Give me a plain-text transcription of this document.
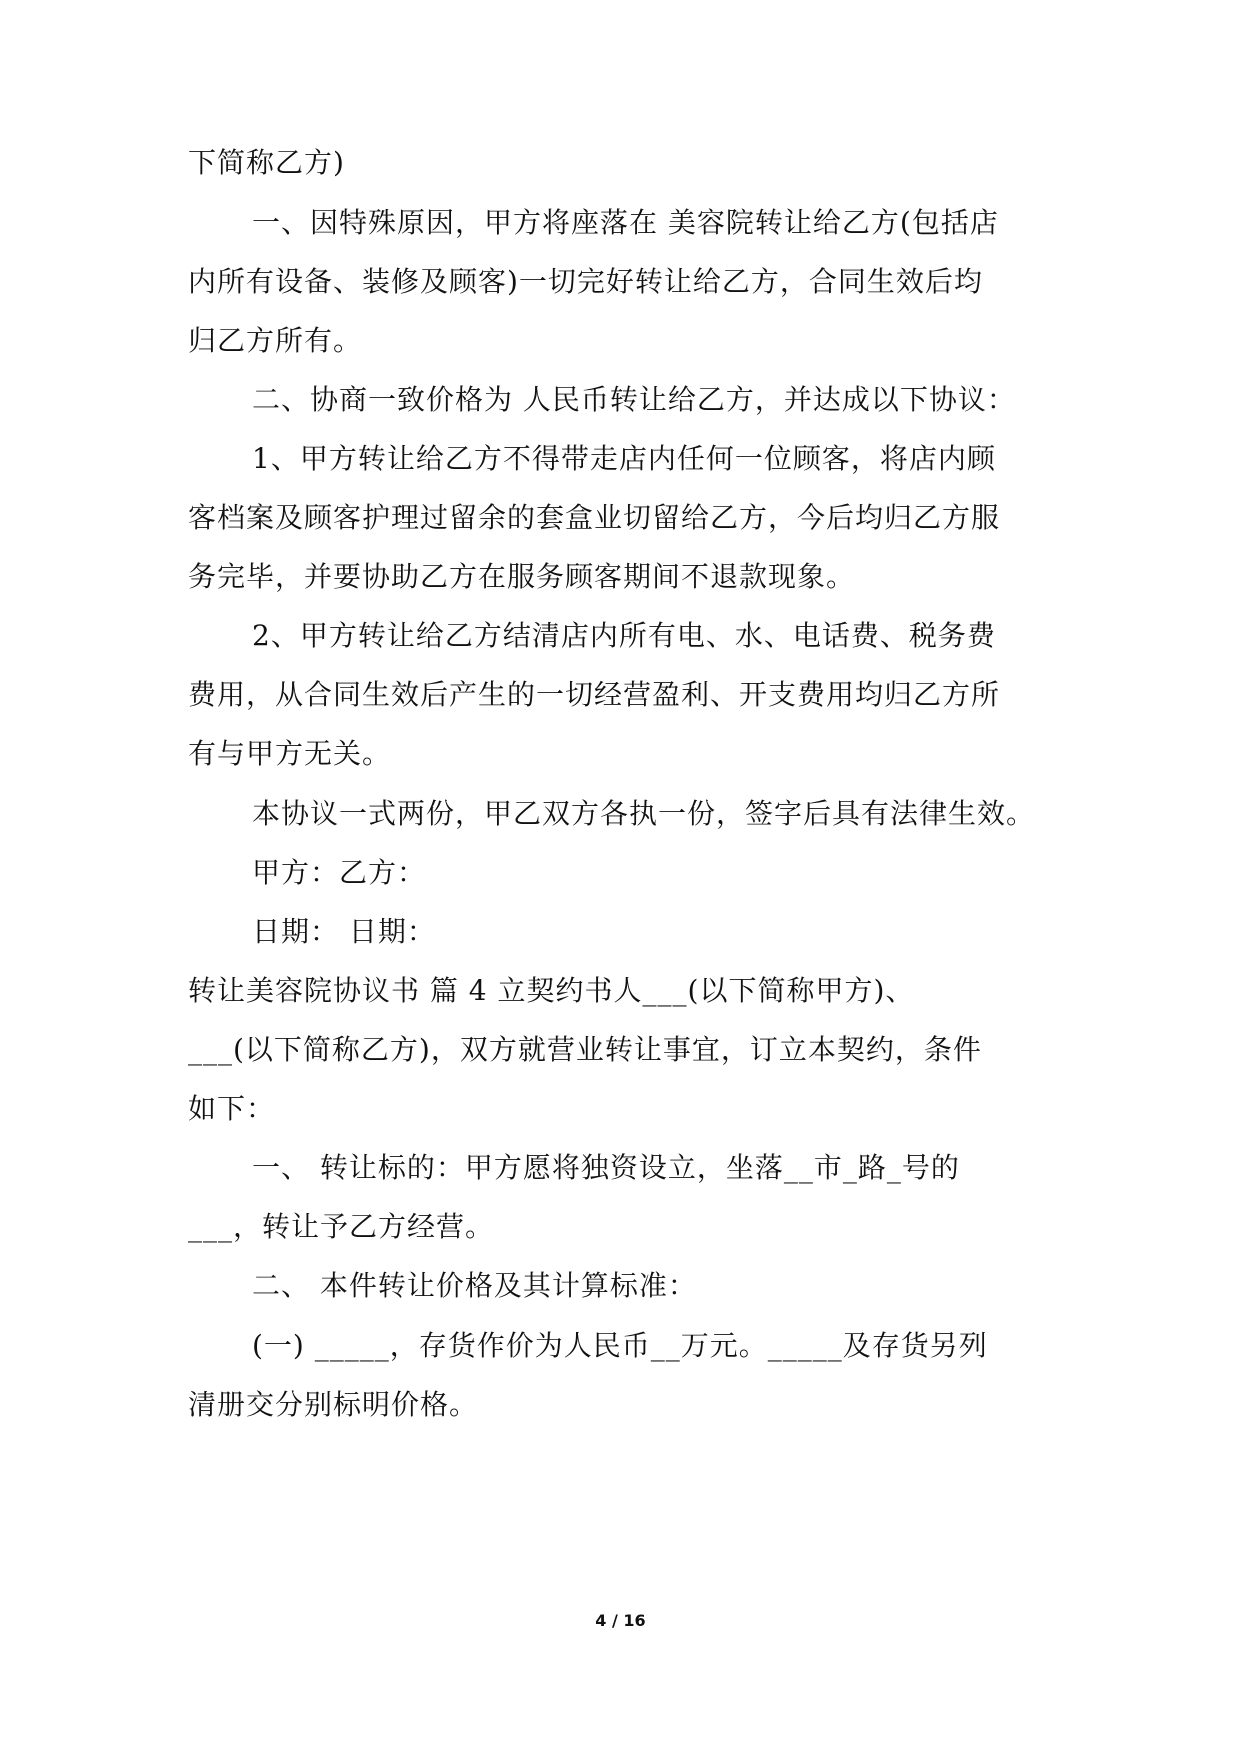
下简称乙方)
一、因特殊原因，甲方将座落在 美容院转让给乙方(包括店
内所有设备、装修及顾客)一切完好转让给乙方，合同生效后均
归乙方所有。
二、协商一致价格为 人民币转让给乙方，并达成以下协议：
1、甲方转让给乙方不得带走店内任何一位顾客，将店内顾
客档案及顾客护理过留余的套盒业切留给乙方，今后均归乙方服
务完毕，并要协助乙方在服务顾客期间不退款现象。
2、甲方转让给乙方结清店内所有电、水、电话费、税务费
费用，从合同生效后产生的一切经营盈利、开支费用均归乙方所
有与甲方无关。
本协议一式两份，甲乙双方各执一份，签字后具有法律生效。
甲方：乙方：
日期： 日期：
转让美容院协议书 篇 4 立契约书人___(以下简称甲方)、
___(以下简称乙方)，双方就营业转让事宜，订立本契约，条件
如下：
一、 转让标的：甲方愿将独资设立，坐落__市_路_号的
___，转让予乙方经营。
二、 本件转让价格及其计算标准：
(一) _____，存货作价为人民币__万元。_____及存货另列
清册交分别标明价格。
4 / 16
